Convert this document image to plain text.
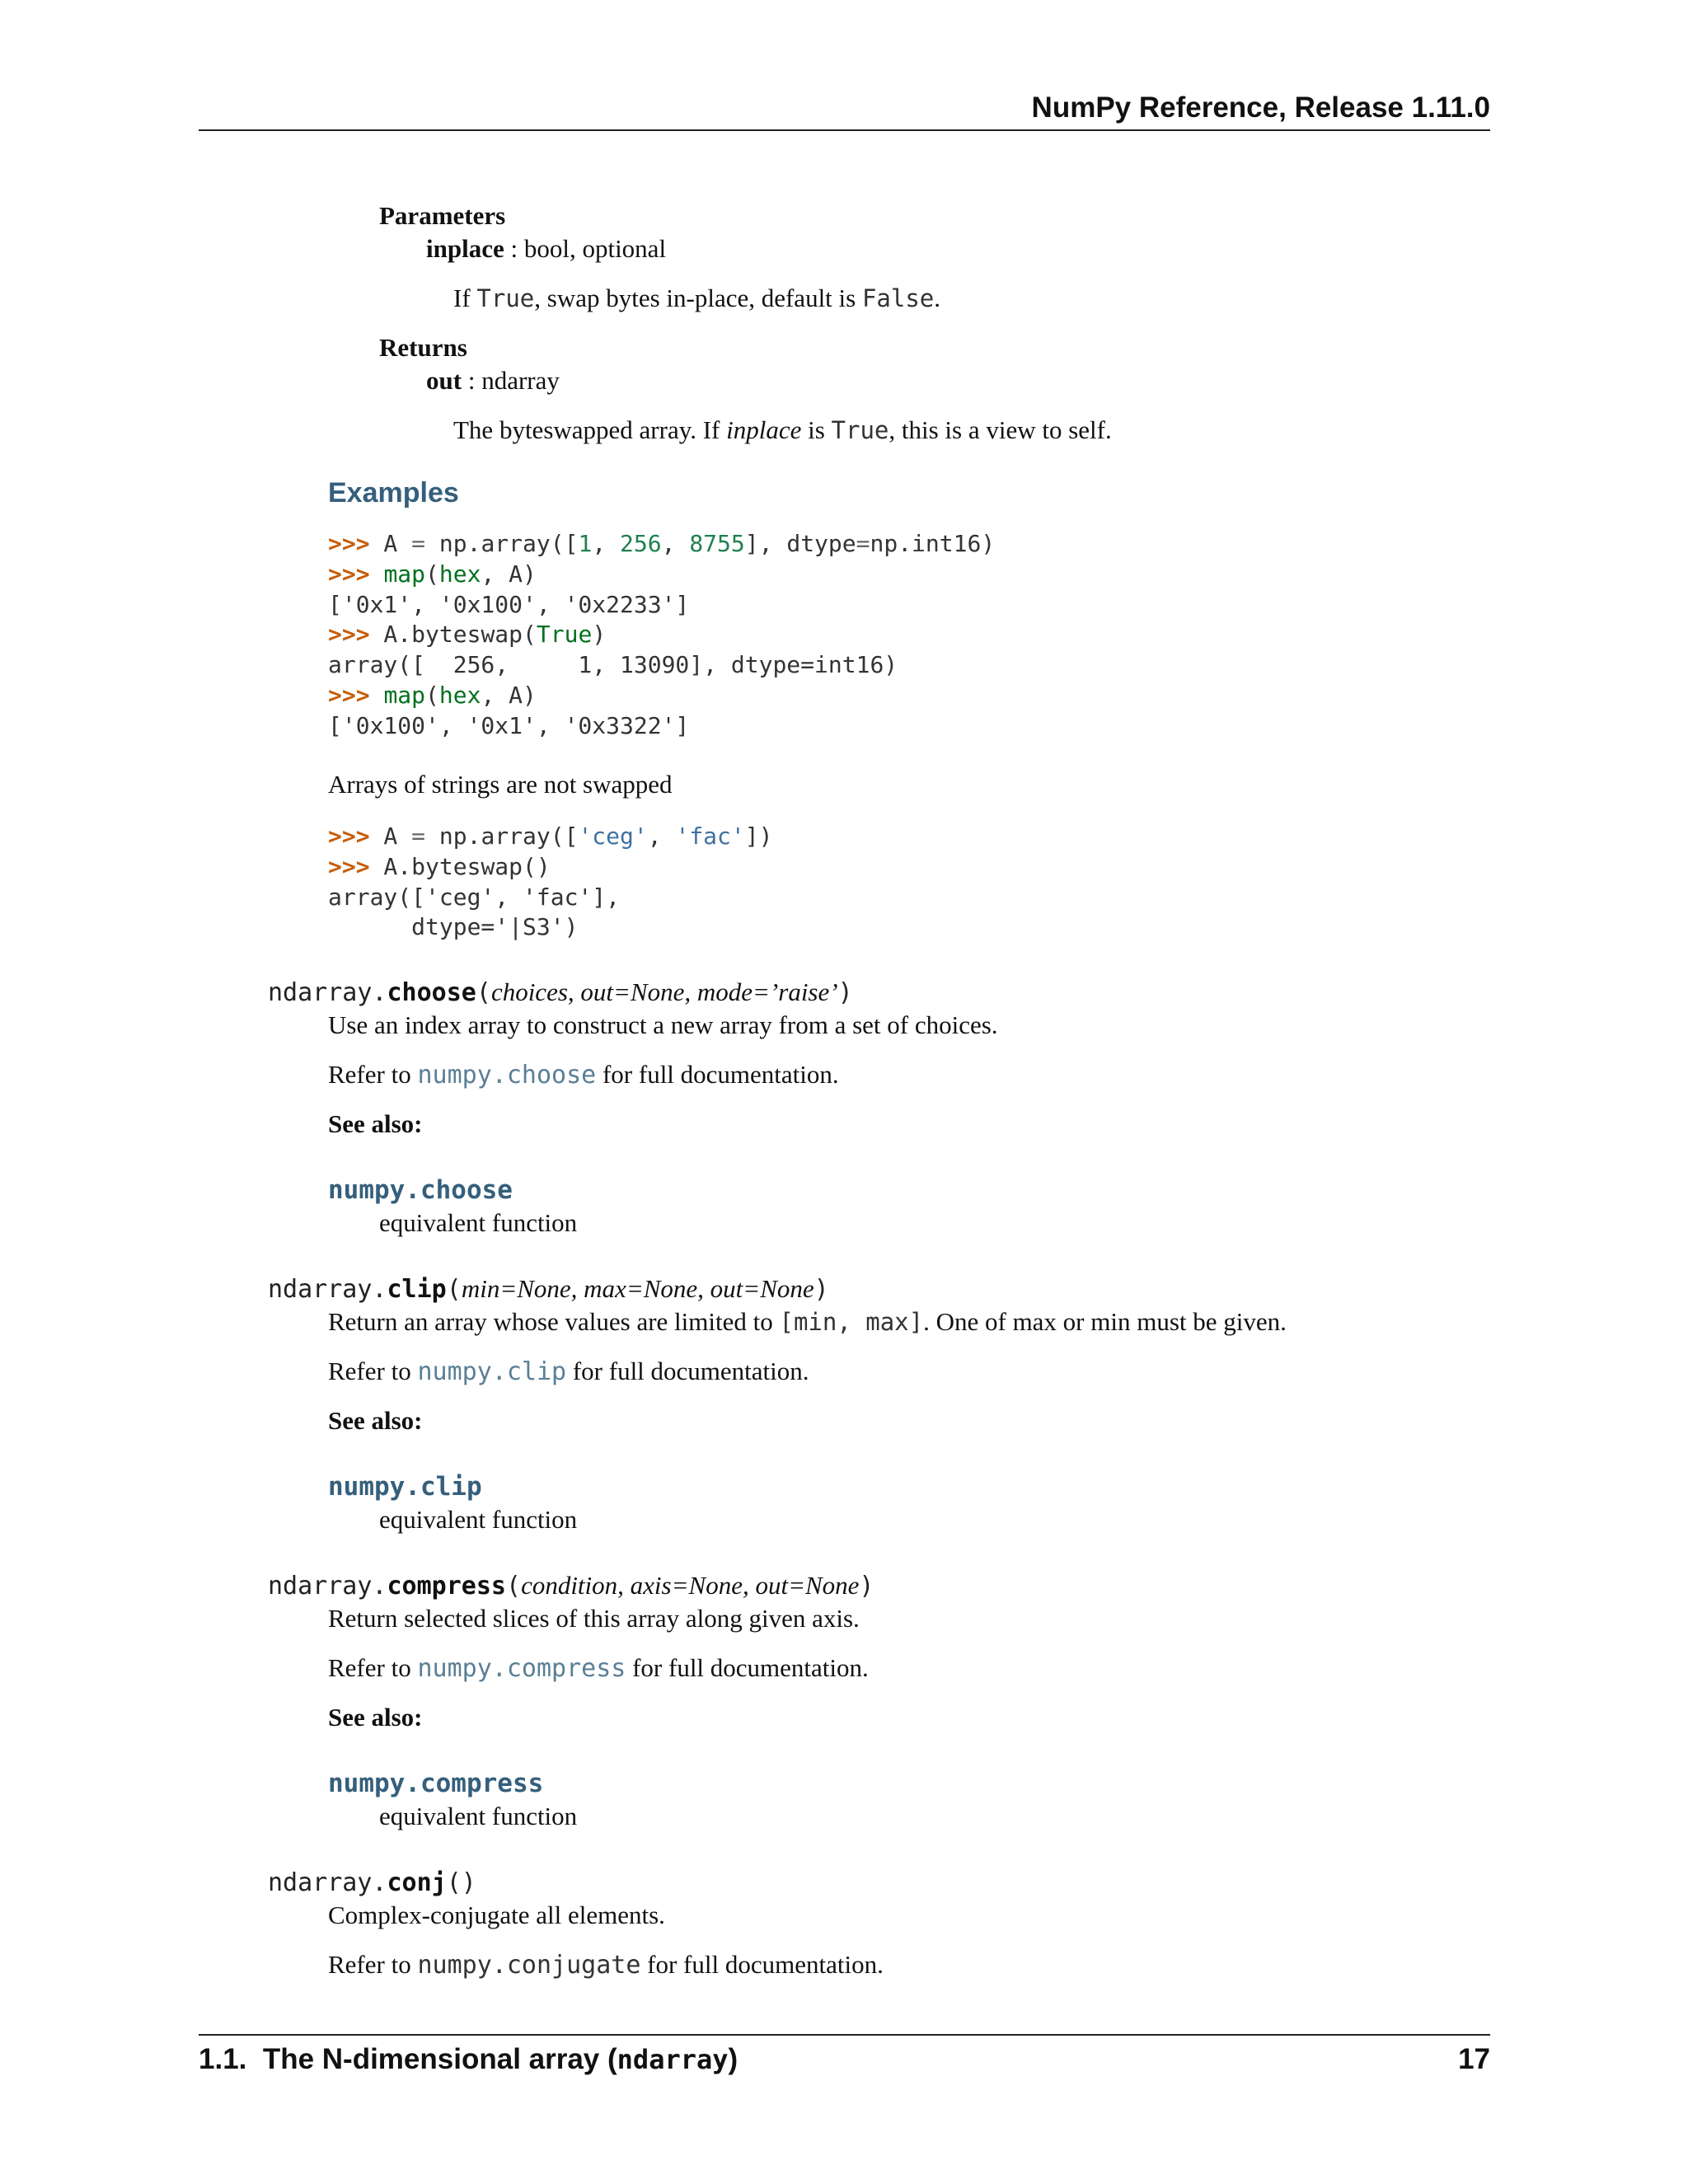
NumPy Reference, Release 1.11.0
Parameters
inplace : bool, optional
If True, swap bytes in-place, default is False.
Returns
out : ndarray
The byteswapped array. If inplace is True, this is a view to self.
Examples
>>> A = np.array([1, 256, 8755], dtype=np.int16)
>>> map(hex, A)
['0x1', '0x100', '0x2233']
>>> A.byteswap(True)
array([  256,     1, 13090], dtype=int16)
>>> map(hex, A)
['0x100', '0x1', '0x3322']
Arrays of strings are not swapped
>>> A = np.array(['ceg', 'fac'])
>>> A.byteswap()
array(['ceg', 'fac'],
dtype='|S3')
ndarray.choose(choices, out=None, mode=’raise’)
Use an index array to construct a new array from a set of choices.
Refer to numpy.choose for full documentation.
See also:
numpy.choose
equivalent function
ndarray.clip(min=None, max=None, out=None)
Return an array whose values are limited to [min, max]. One of max or min must be given.
Refer to numpy.clip for full documentation.
See also:
numpy.clip
equivalent function
ndarray.compress(condition, axis=None, out=None)
Return selected slices of this array along given axis.
Refer to numpy.compress for full documentation.
See also:
numpy.compress
equivalent function
ndarray.conj()
Complex-conjugate all elements.
Refer to numpy.conjugate for full documentation.
1.1.  The N-dimensional array (ndarray)	17
